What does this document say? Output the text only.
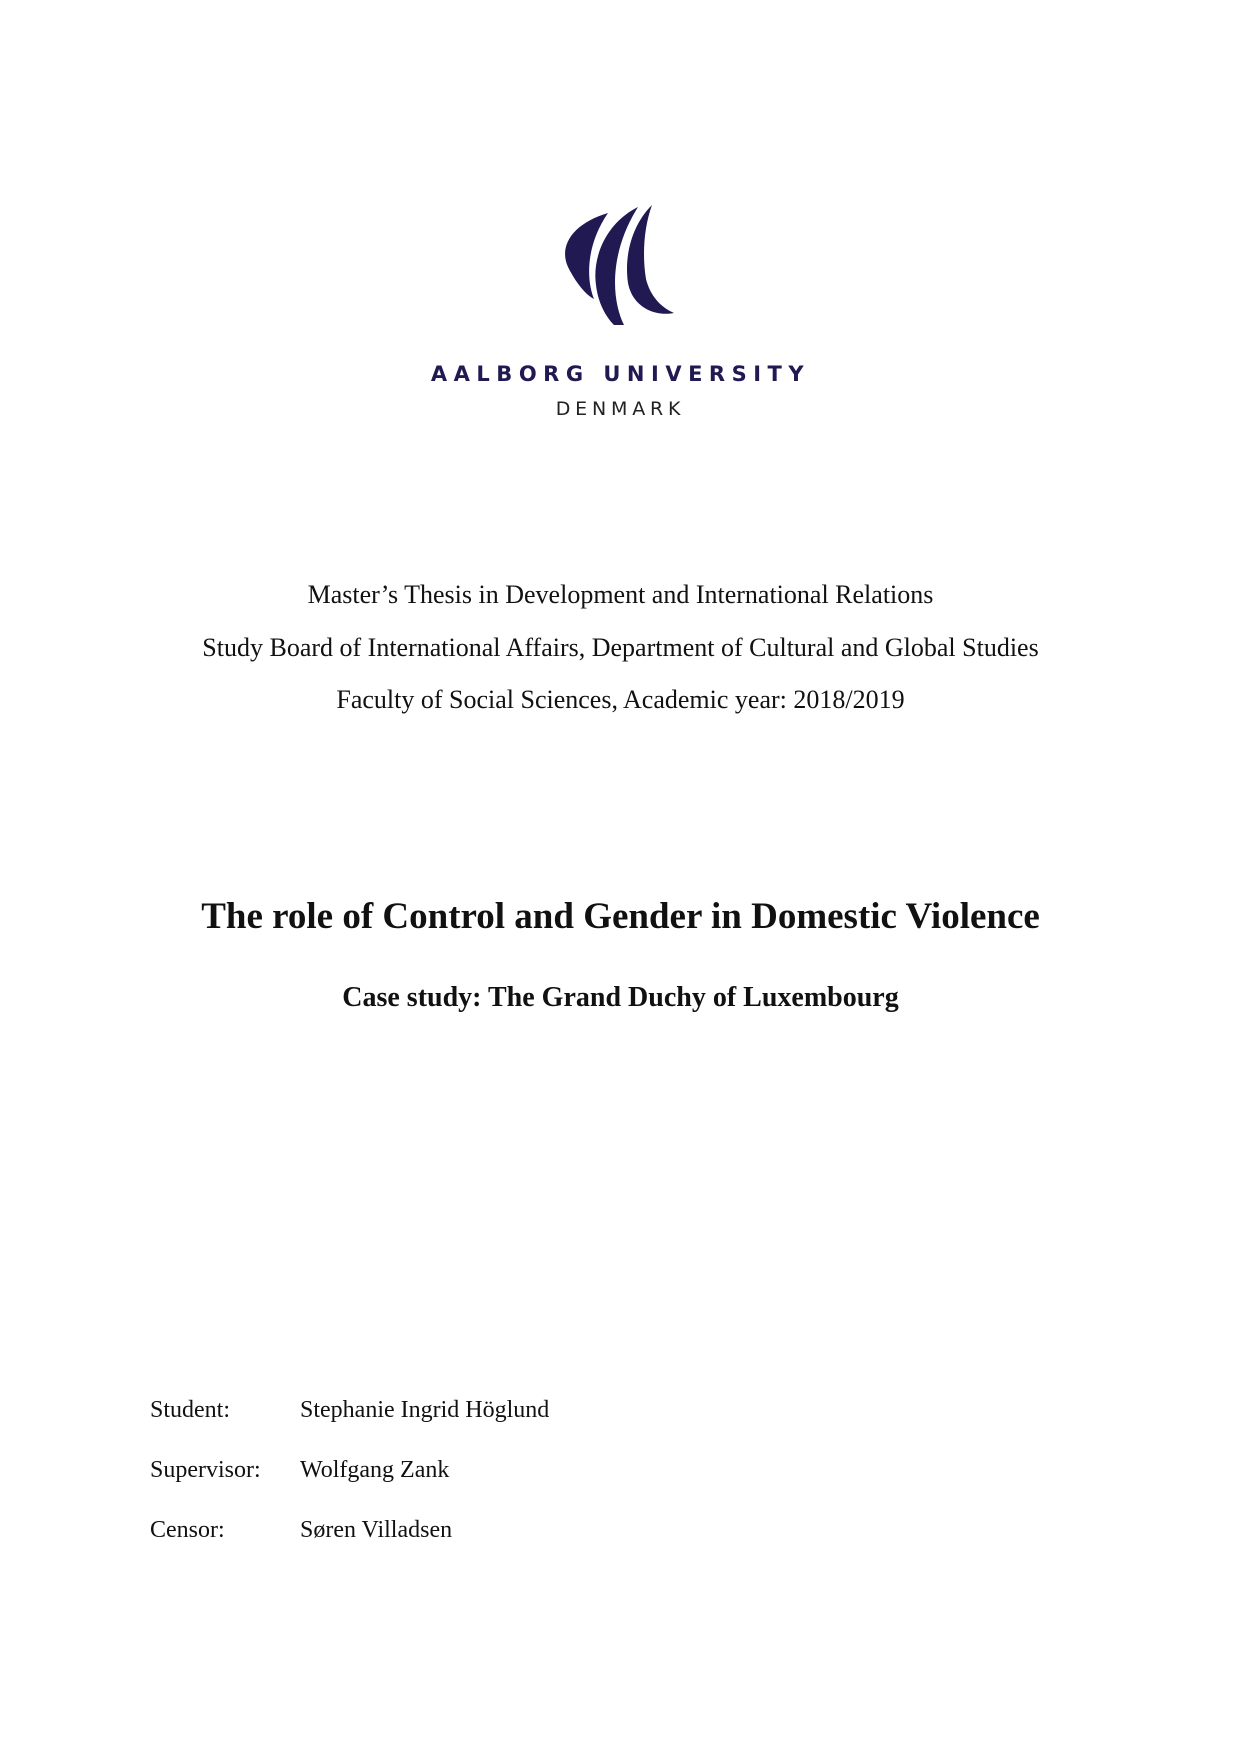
AALBORG UNIVERSITY
DENMARK
Master’s Thesis in Development and International Relations
Study Board of International Affairs, Department of Cultural and Global Studies
Faculty of Social Sciences, Academic year: 2018/2019
The role of Control and Gender in Domestic Violence
Case study: The Grand Duchy of Luxembourg
Student:	Stephanie Ingrid Höglund
Supervisor: Wolfgang Zank
Censor:	Søren Villadsen
